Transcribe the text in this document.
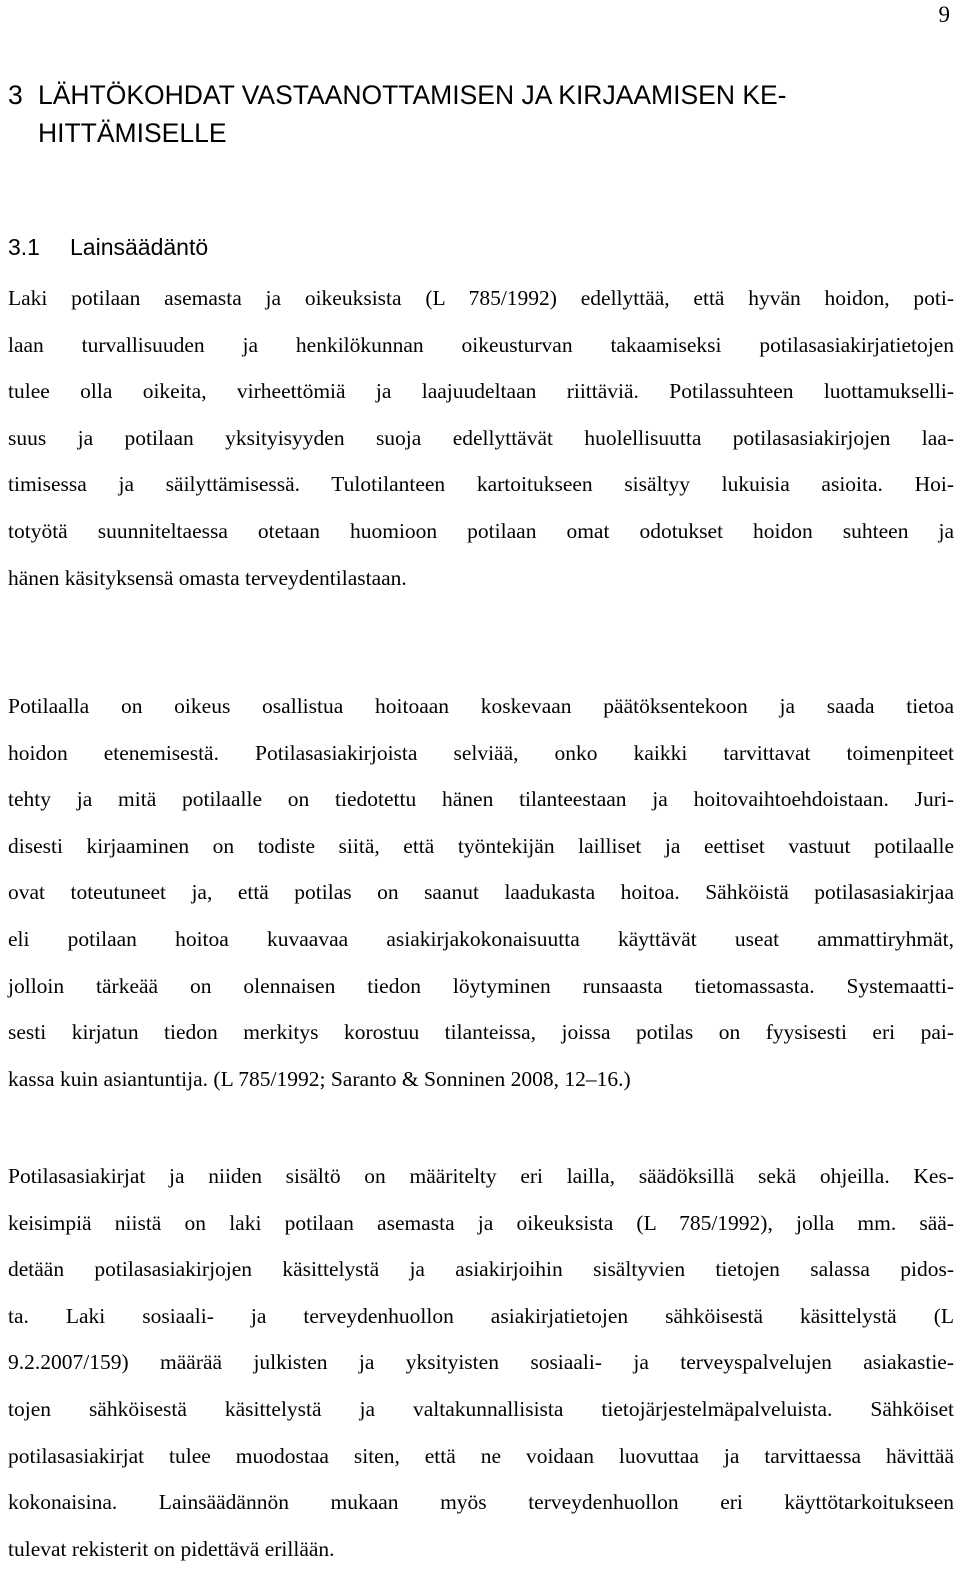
9
3 LÄHTÖKOHDAT VASTAANOTTAMISEN JA KIRJAAMISEN KE-
HITTÄMISELLE
3.1 Lainsäädäntö
Laki potilaan asemasta ja oikeuksista (L 785/1992) edellyttää, että hyvän hoidon, poti-
laan turvallisuuden ja henkilökunnan oikeusturvan takaamiseksi potilasasiakirjatietojen
tulee olla oikeita, virheettömiä ja laajuudeltaan riittäviä. Potilassuhteen luottamukselli-
suus ja potilaan yksityisyyden suoja edellyttävät huolellisuutta potilasasiakirjojen laa-
timisessa ja säilyttämisessä. Tulotilanteen kartoitukseen sisältyy lukuisia asioita. Hoi-
totyötä suunniteltaessa otetaan huomioon potilaan omat odotukset hoidon suhteen ja
hänen käsityksensä omasta terveydentilastaan.
Potilaalla on oikeus osallistua hoitoaan koskevaan päätöksentekoon ja saada tietoa
hoidon etenemisestä. Potilasasiakirjoista selviää, onko kaikki tarvittavat toimenpiteet
tehty ja mitä potilaalle on tiedotettu hänen tilanteestaan ja hoitovaihtoehdoistaan. Juri-
disesti kirjaaminen on todiste siitä, että työntekijän lailliset ja eettiset vastuut potilaalle
ovat toteutuneet ja, että potilas on saanut laadukasta hoitoa. Sähköistä potilasasiakirjaa
eli potilaan hoitoa kuvaavaa asiakirjakokonaisuutta käyttävät useat ammattiryhmät,
jolloin tärkeää on olennaisen tiedon löytyminen runsaasta tietomassasta. Systemaatti-
sesti kirjatun tiedon merkitys korostuu tilanteissa, joissa potilas on fyysisesti eri pai-
kassa kuin asiantuntija. (L 785/1992; Saranto & Sonninen 2008, 12–16.)
Potilasasiakirjat ja niiden sisältö on määritelty eri lailla, säädöksillä sekä ohjeilla. Kes-
keisimpiä niistä on laki potilaan asemasta ja oikeuksista (L 785/1992), jolla mm. sää-
detään potilasasiakirjojen käsittelystä ja asiakirjoihin sisältyvien tietojen salassa pidos-
ta. Laki sosiaali- ja terveydenhuollon asiakirjatietojen sähköisestä käsittelystä (L
9.2.2007/159) määrää julkisten ja yksityisten sosiaali- ja terveyspalvelujen asiakastie-
tojen sähköisestä käsittelystä ja valtakunnallisista tietojärjestelmäpalveluista. Sähköiset
potilasasiakirjat tulee muodostaa siten, että ne voidaan luovuttaa ja tarvittaessa hävittää
kokonaisina. Lainsäädännön mukaan myös terveydenhuollon eri käyttötarkoitukseen
tulevat rekisterit on pidettävä erillään.
